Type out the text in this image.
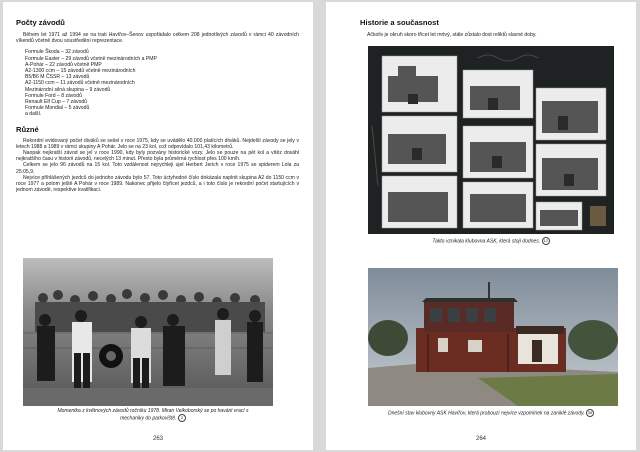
Počty závodů

Během let 1971 až 1994 se na trati Havířov–Šenov uspořádalo celkem 208 jednotlivých závodů v rámci 40 závodních víkendů včetně dvou soustředění reprezentace.

Formule Škoda – 32 závodů
Formule Easter – 29 závodů včetně mezinárodních a PMP
A-Pohár – 22 závodů včetně PMP
A2-1300 ccm – 15 závodů včetně mezinárodních
B5/B6 M ČSSR – 13 závodů
A2-1150 ccm – 11 závodů včetně mezinárodních
Mezinárodní silná skupina – 9 závodů
Formule Ford – 8 závodů
Renault Elf Cup – 7 závodů
Formule Mondial – 5 závodů
a další.
Různé

Rekordní evidovaný počet diváků se sešel v roce 1975, kdy se uvádělo 40.000 platících diváků. Nejdelší závody se jely v letech 1988 a 1989 v rámci skupiny A Pohár. Jelo se na 23 kol, což odpovídalo 101,43 kilometrů.

Naopak nejkratší závod se jel v roce 1990, kdy byly pozvány historické vozy. Jelo se pouze na pět kol a vítěz dosáhl nejkratšího času v historii závodů, necelých 13 minut. Přesto byla průměrná rychlost přes 100 km/h.

Celkem se jelo 96 závodů na 15 kol. Toto vzdálenost nejrychleji ujel Herbert Jerich v roce 1975 se spiderem Lola za 25:05,9.

Nejvíce přihlášených jezdců do jednoho závodu bylo 57. Toto úctyhodné číslo dokázala naplnit skupina A2 do 1150 ccm v roce 1977 a potom ještě A Pohár v roce 1989. Nakonec přijelo čtyřicet jezdců, a i toto číslo je rekordní počet startujících v jednom závodě, respektive kvalifikaci.

Momentka z květnových závodů ročníku 1978. Miran Velkoborský se po havárii vrací s mechaniky do parkoviště. 2
263
Historie a současnost

Ačkoliv je okruh skoro třicet let mrtvý, stále zůstalo dost reliktů slavné doby.

Takto vznikala klubovna ASK, která stojí dodnes. 12
Dnešní stav klubovny ASK Havířov, která probouzí nejvíce vzpomínek na zaniklé závody. 35
264
